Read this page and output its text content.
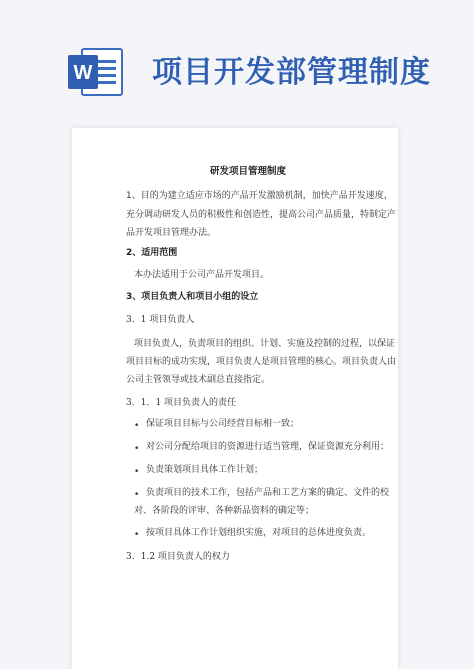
W 项目开发部管理制度
研发项目管理制度
1、目的为建立适应市场的产品开发激励机制，加快产品开发速度，
充分调动研发人员的积极性和创造性，提高公司产品质量，特制定产
品开发项目管理办法。
2、适用范围
本办法适用于公司产品开发项目。
3、项目负责人和项目小组的设立
3．1 项目负责人
项目负责人，负责项目的组织、计划、实施及控制的过程，以保证
项目目标的成功实现，项目负责人是项目管理的核心。项目负责人由
公司主管领导或技术副总直接指定。
3．1．1 项目负责人的责任
• 保证项目目标与公司经营目标相一致；
• 对公司分配给项目的资源进行适当管理，保证资源充分利用；
• 负责策划项目具体工作计划；
• 负责项目的技术工作，包括产品和工艺方案的确定、文件的校
对、各阶段的评审、各种新品资料的确定等；
• 按项目具体工作计划组织实施，对项目的总体进度负责。
3．1.2 项目负责人的权力
